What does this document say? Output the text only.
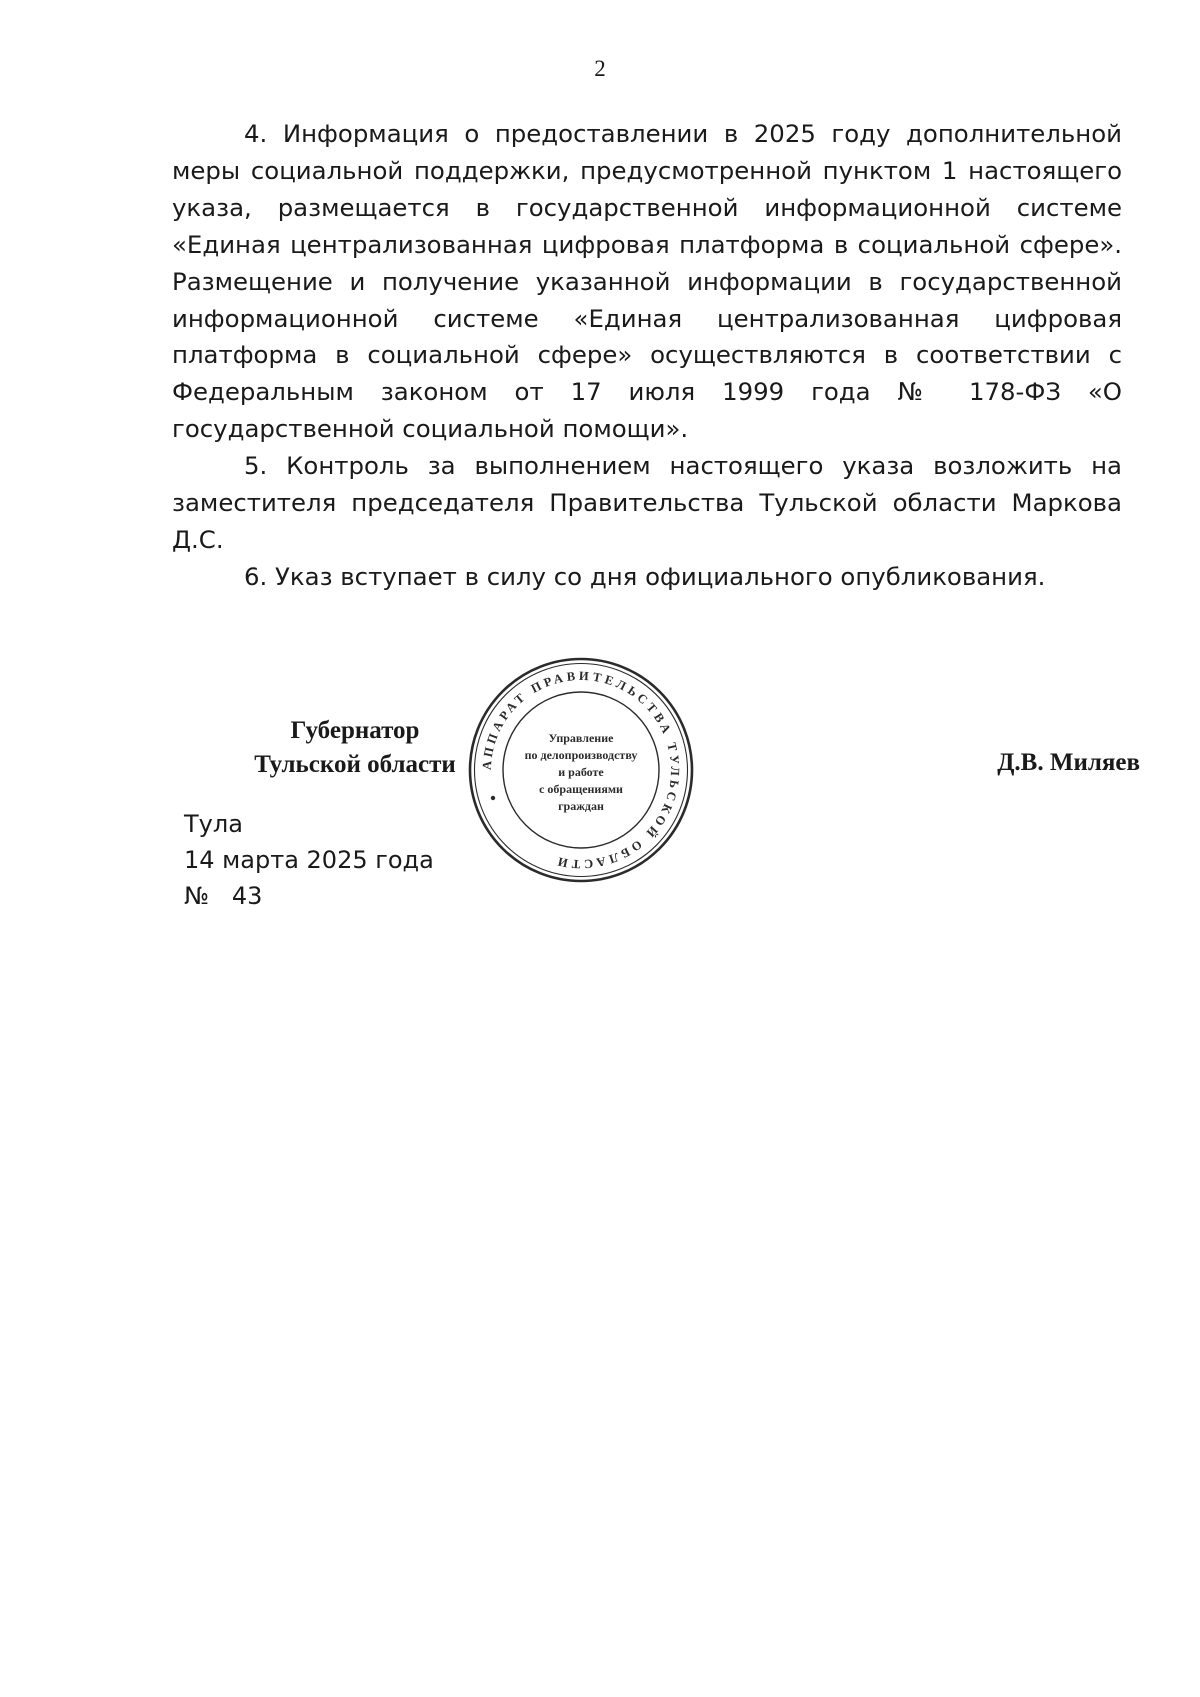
2

4. Информация о предоставлении в 2025 году дополнительной меры социальной поддержки, предусмотренной пунктом 1 настоящего указа, размещается в государственной информационной системе «Единая централизованная цифровая платформа в социальной сфере». Размещение и получение указанной информации в государственной информационной системе «Единая централизованная цифровая платформа в социальной сфере» осуществляются в соответствии с Федеральным законом от 17 июля 1999 года № 178-ФЗ «О государственной социальной помощи».

5. Контроль за выполнением настоящего указа возложить на заместителя председателя Правительства Тульской области Маркова Д.С.

6. Указ вступает в силу со дня официального опубликования.

Губернатор
Тульской области	Д.В. Миляев
Тула
14 марта 2025 года
№   43
АППАРАТ ПРАВИТЕЛЬСТВА ТУЛЬСКОЙ ОБЛАСТИ
Управление
по делопроизводству
и работе
с обращениями
граждан
